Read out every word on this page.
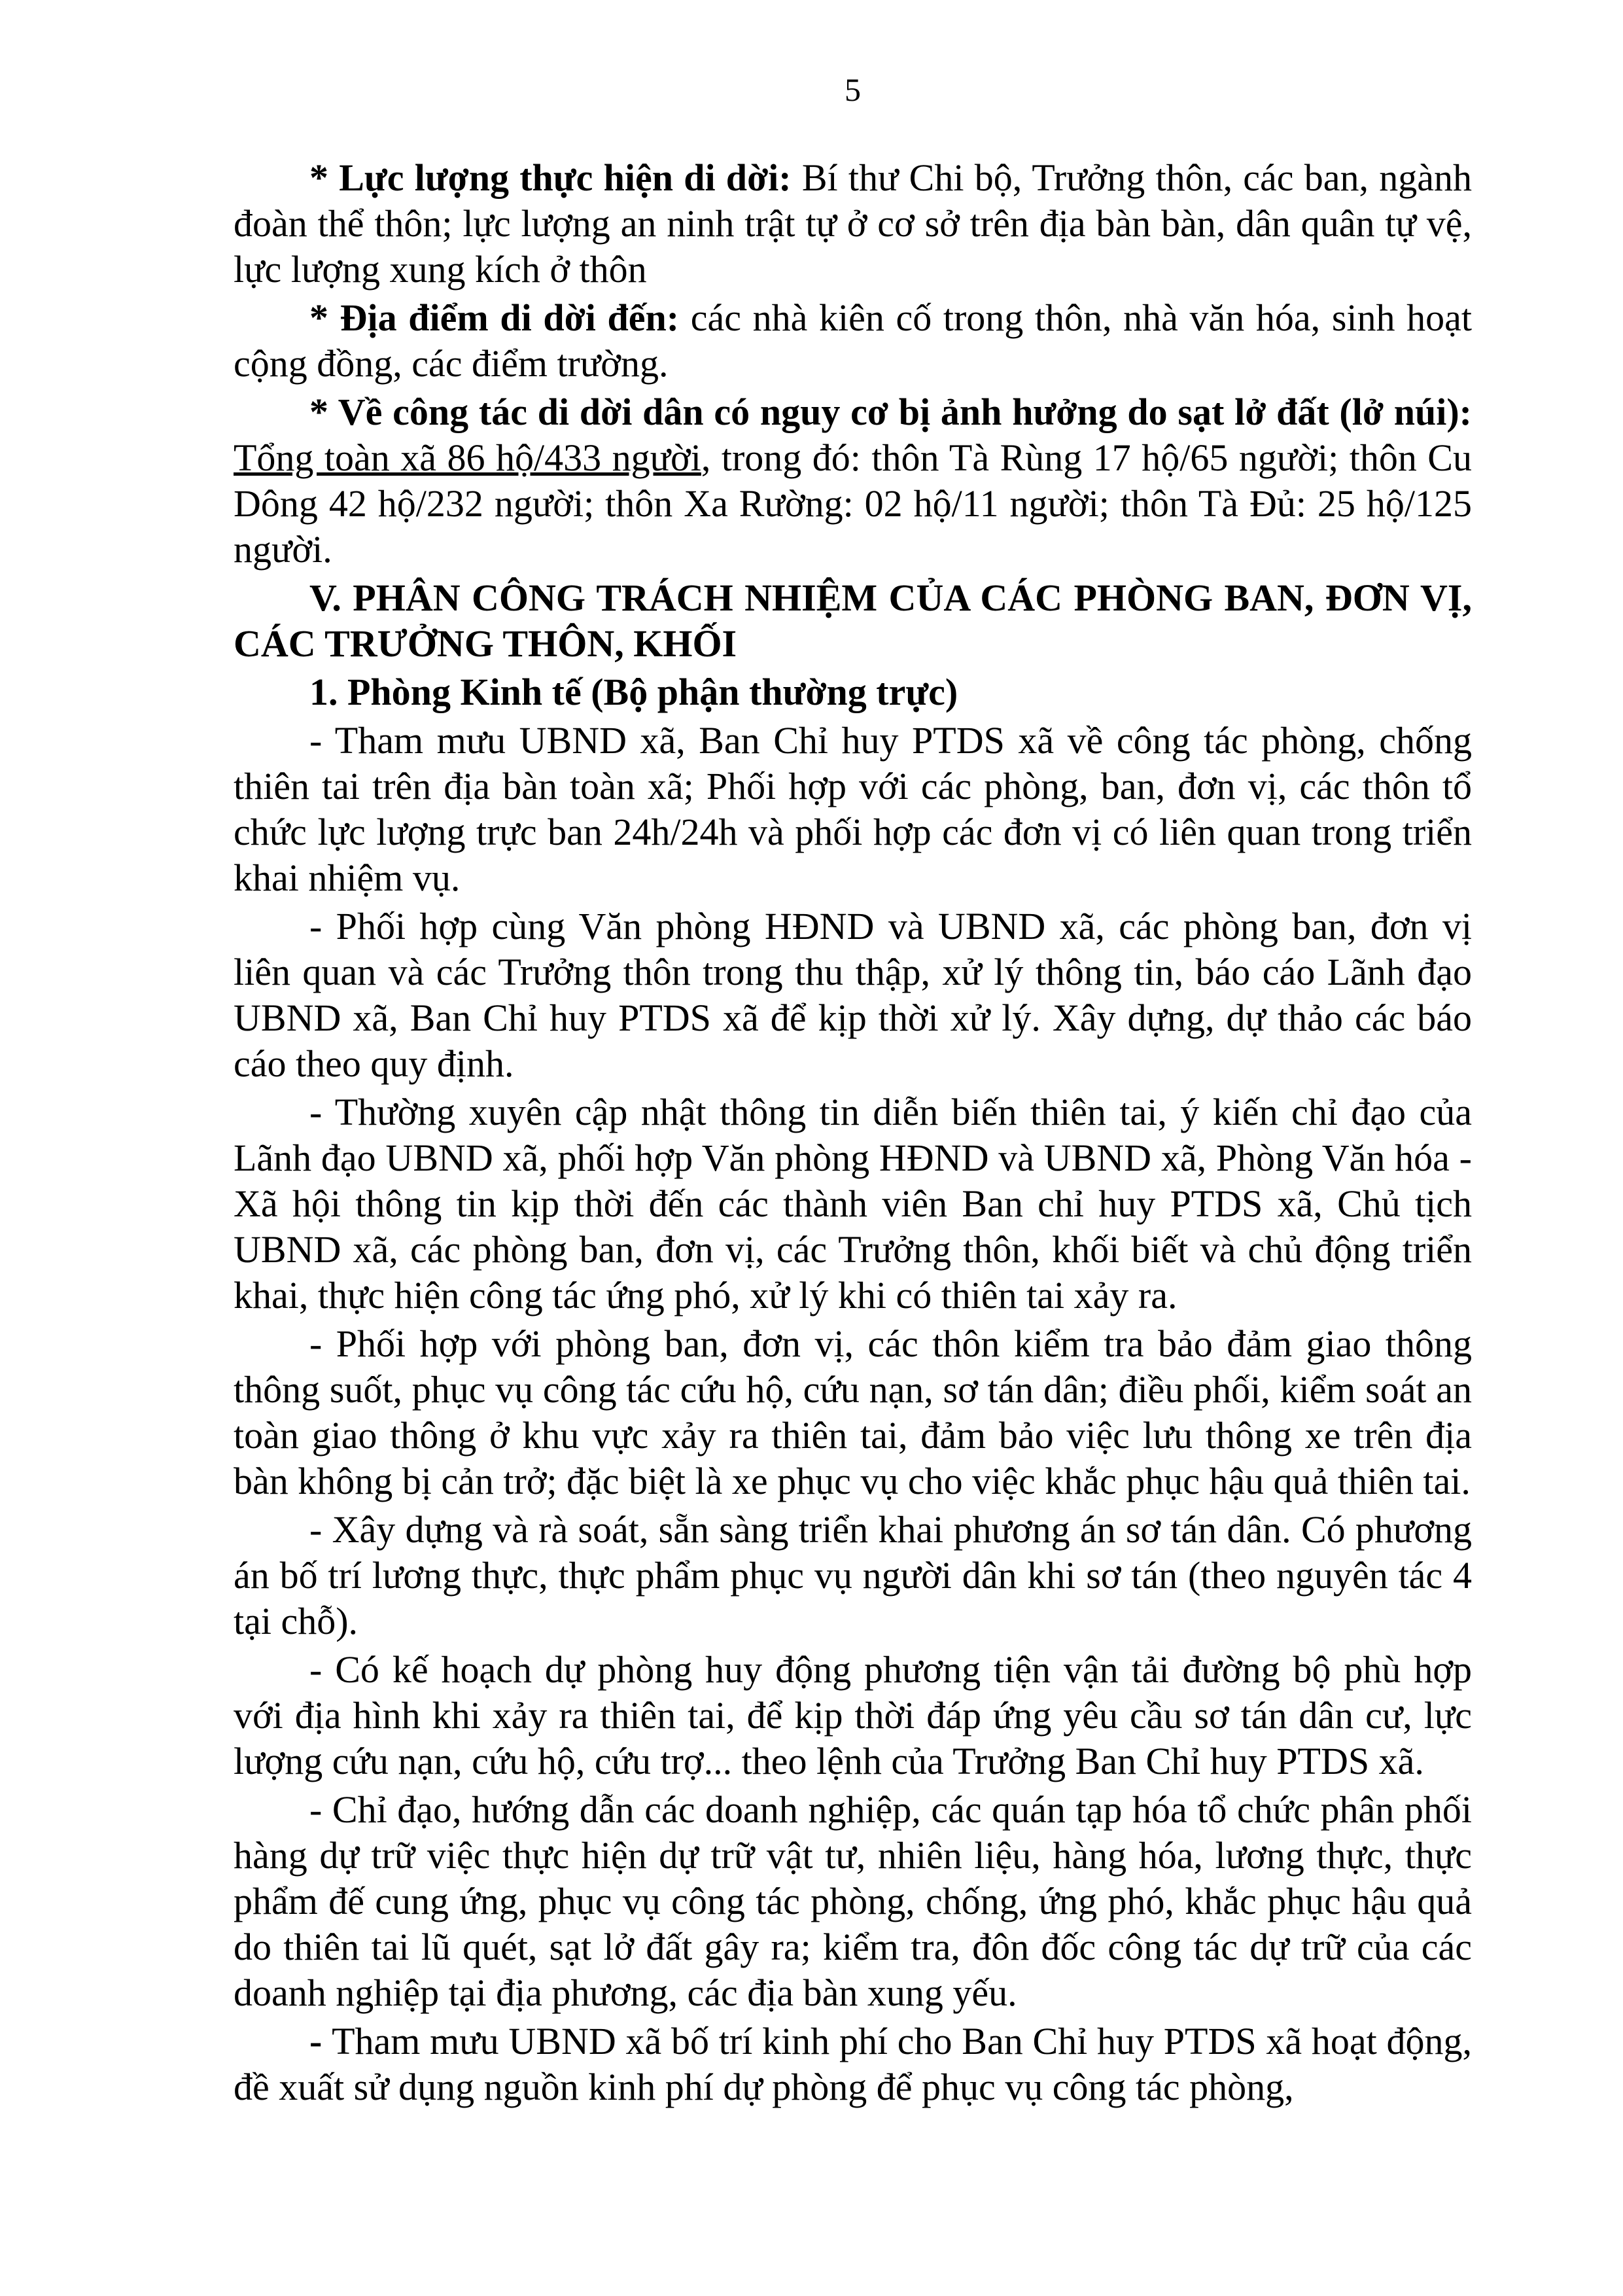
5

* Lực lượng thực hiện di dời: Bí thư Chi bộ, Trưởng thôn, các ban, ngành đoàn thể thôn; lực lượng an ninh trật tự ở cơ sở trên địa bàn bàn, dân quân tự vệ, lực lượng xung kích ở thôn

* Địa điểm di dời đến: các nhà kiên cố trong thôn, nhà văn hóa, sinh hoạt cộng đồng, các điểm trường.

* Về công tác di dời dân có nguy cơ bị ảnh hưởng do sạt lở đất (lở núi): Tổng toàn xã 86 hộ/433 người, trong đó: thôn Tà Rùng 17 hộ/65 người; thôn Cu Dông 42 hộ/232 người; thôn Xa Rường: 02 hộ/11 người; thôn Tà Đủ: 25 hộ/125 người.

V. PHÂN CÔNG TRÁCH NHIỆM CỦA CÁC PHÒNG BAN, ĐƠN VỊ, CÁC TRƯỞNG THÔN, KHỐI

1. Phòng Kinh tế (Bộ phận thường trực)

- Tham mưu UBND xã, Ban Chỉ huy PTDS xã về công tác phòng, chống thiên tai trên địa bàn toàn xã; Phối hợp với các phòng, ban, đơn vị, các thôn tổ chức lực lượng trực ban 24h/24h và phối hợp các đơn vị có liên quan trong triển khai nhiệm vụ.

- Phối hợp cùng Văn phòng HĐND và UBND xã, các phòng ban, đơn vị liên quan và các Trưởng thôn trong thu thập, xử lý thông tin, báo cáo Lãnh đạo UBND xã, Ban Chỉ huy PTDS xã để kịp thời xử lý. Xây dựng, dự thảo các báo cáo theo quy định.

- Thường xuyên cập nhật thông tin diễn biến thiên tai, ý kiến chỉ đạo của Lãnh đạo UBND xã, phối hợp Văn phòng HĐND và UBND xã, Phòng Văn hóa - Xã hội thông tin kịp thời đến các thành viên Ban chỉ huy PTDS xã, Chủ tịch UBND xã, các phòng ban, đơn vị, các Trưởng thôn, khối biết và chủ động triển khai, thực hiện công tác ứng phó, xử lý khi có thiên tai xảy ra.

- Phối hợp với phòng ban, đơn vị, các thôn kiểm tra bảo đảm giao thông thông suốt, phục vụ công tác cứu hộ, cứu nạn, sơ tán dân; điều phối, kiểm soát an toàn giao thông ở khu vực xảy ra thiên tai, đảm bảo việc lưu thông xe trên địa bàn không bị cản trở; đặc biệt là xe phục vụ cho việc khắc phục hậu quả thiên tai.

- Xây dựng và rà soát, sẵn sàng triển khai phương án sơ tán dân. Có phương án bố trí lương thực, thực phẩm phục vụ người dân khi sơ tán (theo nguyên tác 4 tại chỗ).

- Có kế hoạch dự phòng huy động phương tiện vận tải đường bộ phù hợp với địa hình khi xảy ra thiên tai, để kịp thời đáp ứng yêu cầu sơ tán dân cư, lực lượng cứu nạn, cứu hộ, cứu trợ... theo lệnh của Trưởng Ban Chỉ huy PTDS xã.

- Chỉ đạo, hướng dẫn các doanh nghiệp, các quán tạp hóa tổ chức phân phối hàng dự trữ việc thực hiện dự trữ vật tư, nhiên liệu, hàng hóa, lương thực, thực phẩm đế cung ứng, phục vụ công tác phòng, chống, ứng phó, khắc phục hậu quả do thiên tai lũ quét, sạt lở đất gây ra; kiểm tra, đôn đốc công tác dự trữ của các doanh nghiệp tại địa phương, các địa bàn xung yếu.

- Tham mưu UBND xã bố trí kinh phí cho Ban Chỉ huy PTDS xã hoạt động, đề xuất sử dụng nguồn kinh phí dự phòng để phục vụ công tác phòng,
